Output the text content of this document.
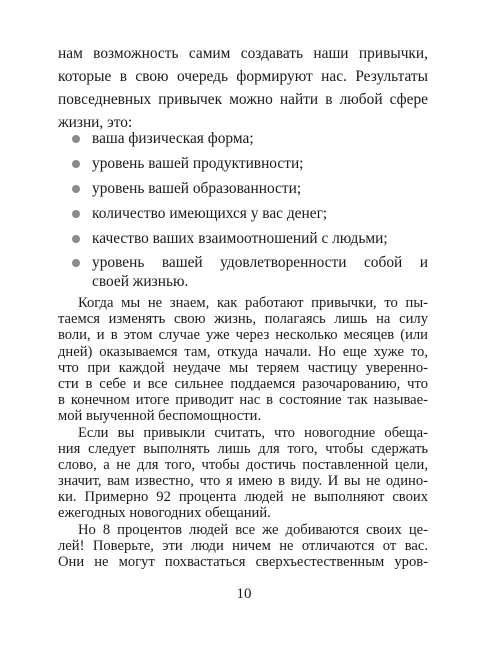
нам возможность самим создавать наши привычки,
которые в свою очередь формируют нас. Результаты
повседневных привычек можно найти в любой сфере
жизни, это:
ваша физическая форма;
уровень вашей продуктивности;
уровень вашей образованности;
количество имеющихся у вас денег;
качество ваших взаимоотношений с людьми;
уровень вашей удовлетворенности собой и
своей жизнью.
Когда мы не знаем, как работают привычки, то пы-
таемся изменять свою жизнь, полагаясь лишь на силу
воли, и в этом случае уже через несколько месяцев (или
дней) оказываемся там, откуда начали. Но еще хуже то,
что при каждой неудаче мы теряем частицу уверенно-
сти в себе и все сильнее поддаемся разочарованию, что
в конечном итоге приводит нас в состояние так называе-
мой выученной беспомощности.
Если вы привыкли считать, что новогодние обеща-
ния следует выполнять лишь для того, чтобы сдержать
слово, а не для того, чтобы достичь поставленной цели,
значит, вам известно, что я имею в виду. И вы не одино-
ки. Примерно 92 процента людей не выполняют своих
ежегодных новогодних обещаний.
Но 8 процентов людей все же добиваются своих це-
лей! Поверьте, эти люди ничем не отличаются от вас.
Они не могут похвастаться сверхъестественным уров-
10
